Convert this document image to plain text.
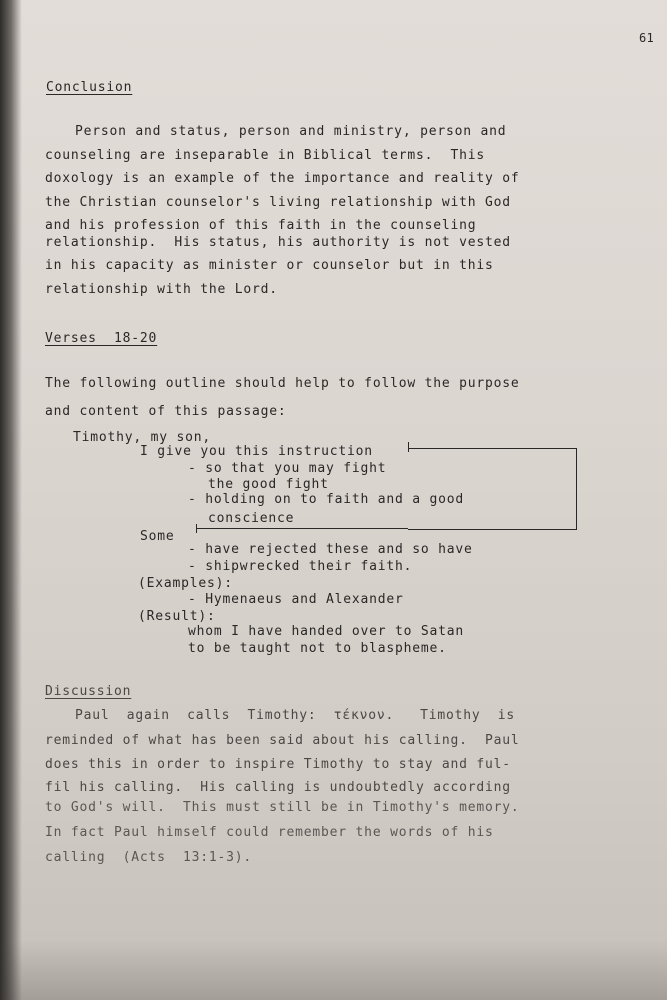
61
Conclusion
Person and status, person and ministry, person and
counseling are inseparable in Biblical terms.  This
doxology is an example of the importance and reality of
the Christian counselor's living relationship with God
and his profession of this faith in the counseling
relationship.  His status, his authority is not vested
in his capacity as minister or counselor but in this
relationship with the Lord.
Verses  18-20
The following outline should help to follow the purpose
and content of this passage:
Timothy, my son,
I give you this instruction
- so that you may fight
the good fight
- holding on to faith and a good
conscience
Some
- have rejected these and so have
- shipwrecked their faith.
(Examples):
- Hymenaeus and Alexander
(Result):
whom I have handed over to Satan
to be taught not to blaspheme.
Discussion
Paul  again  calls  Timothy:  τέκνον.   Timothy  is
reminded of what has been said about his calling.  Paul
does this in order to inspire Timothy to stay and ful-
fil his calling.  His calling is undoubtedly according
to God's will.  This must still be in Timothy's memory.
In fact Paul himself could remember the words of his
calling  (Acts  13:1-3).
